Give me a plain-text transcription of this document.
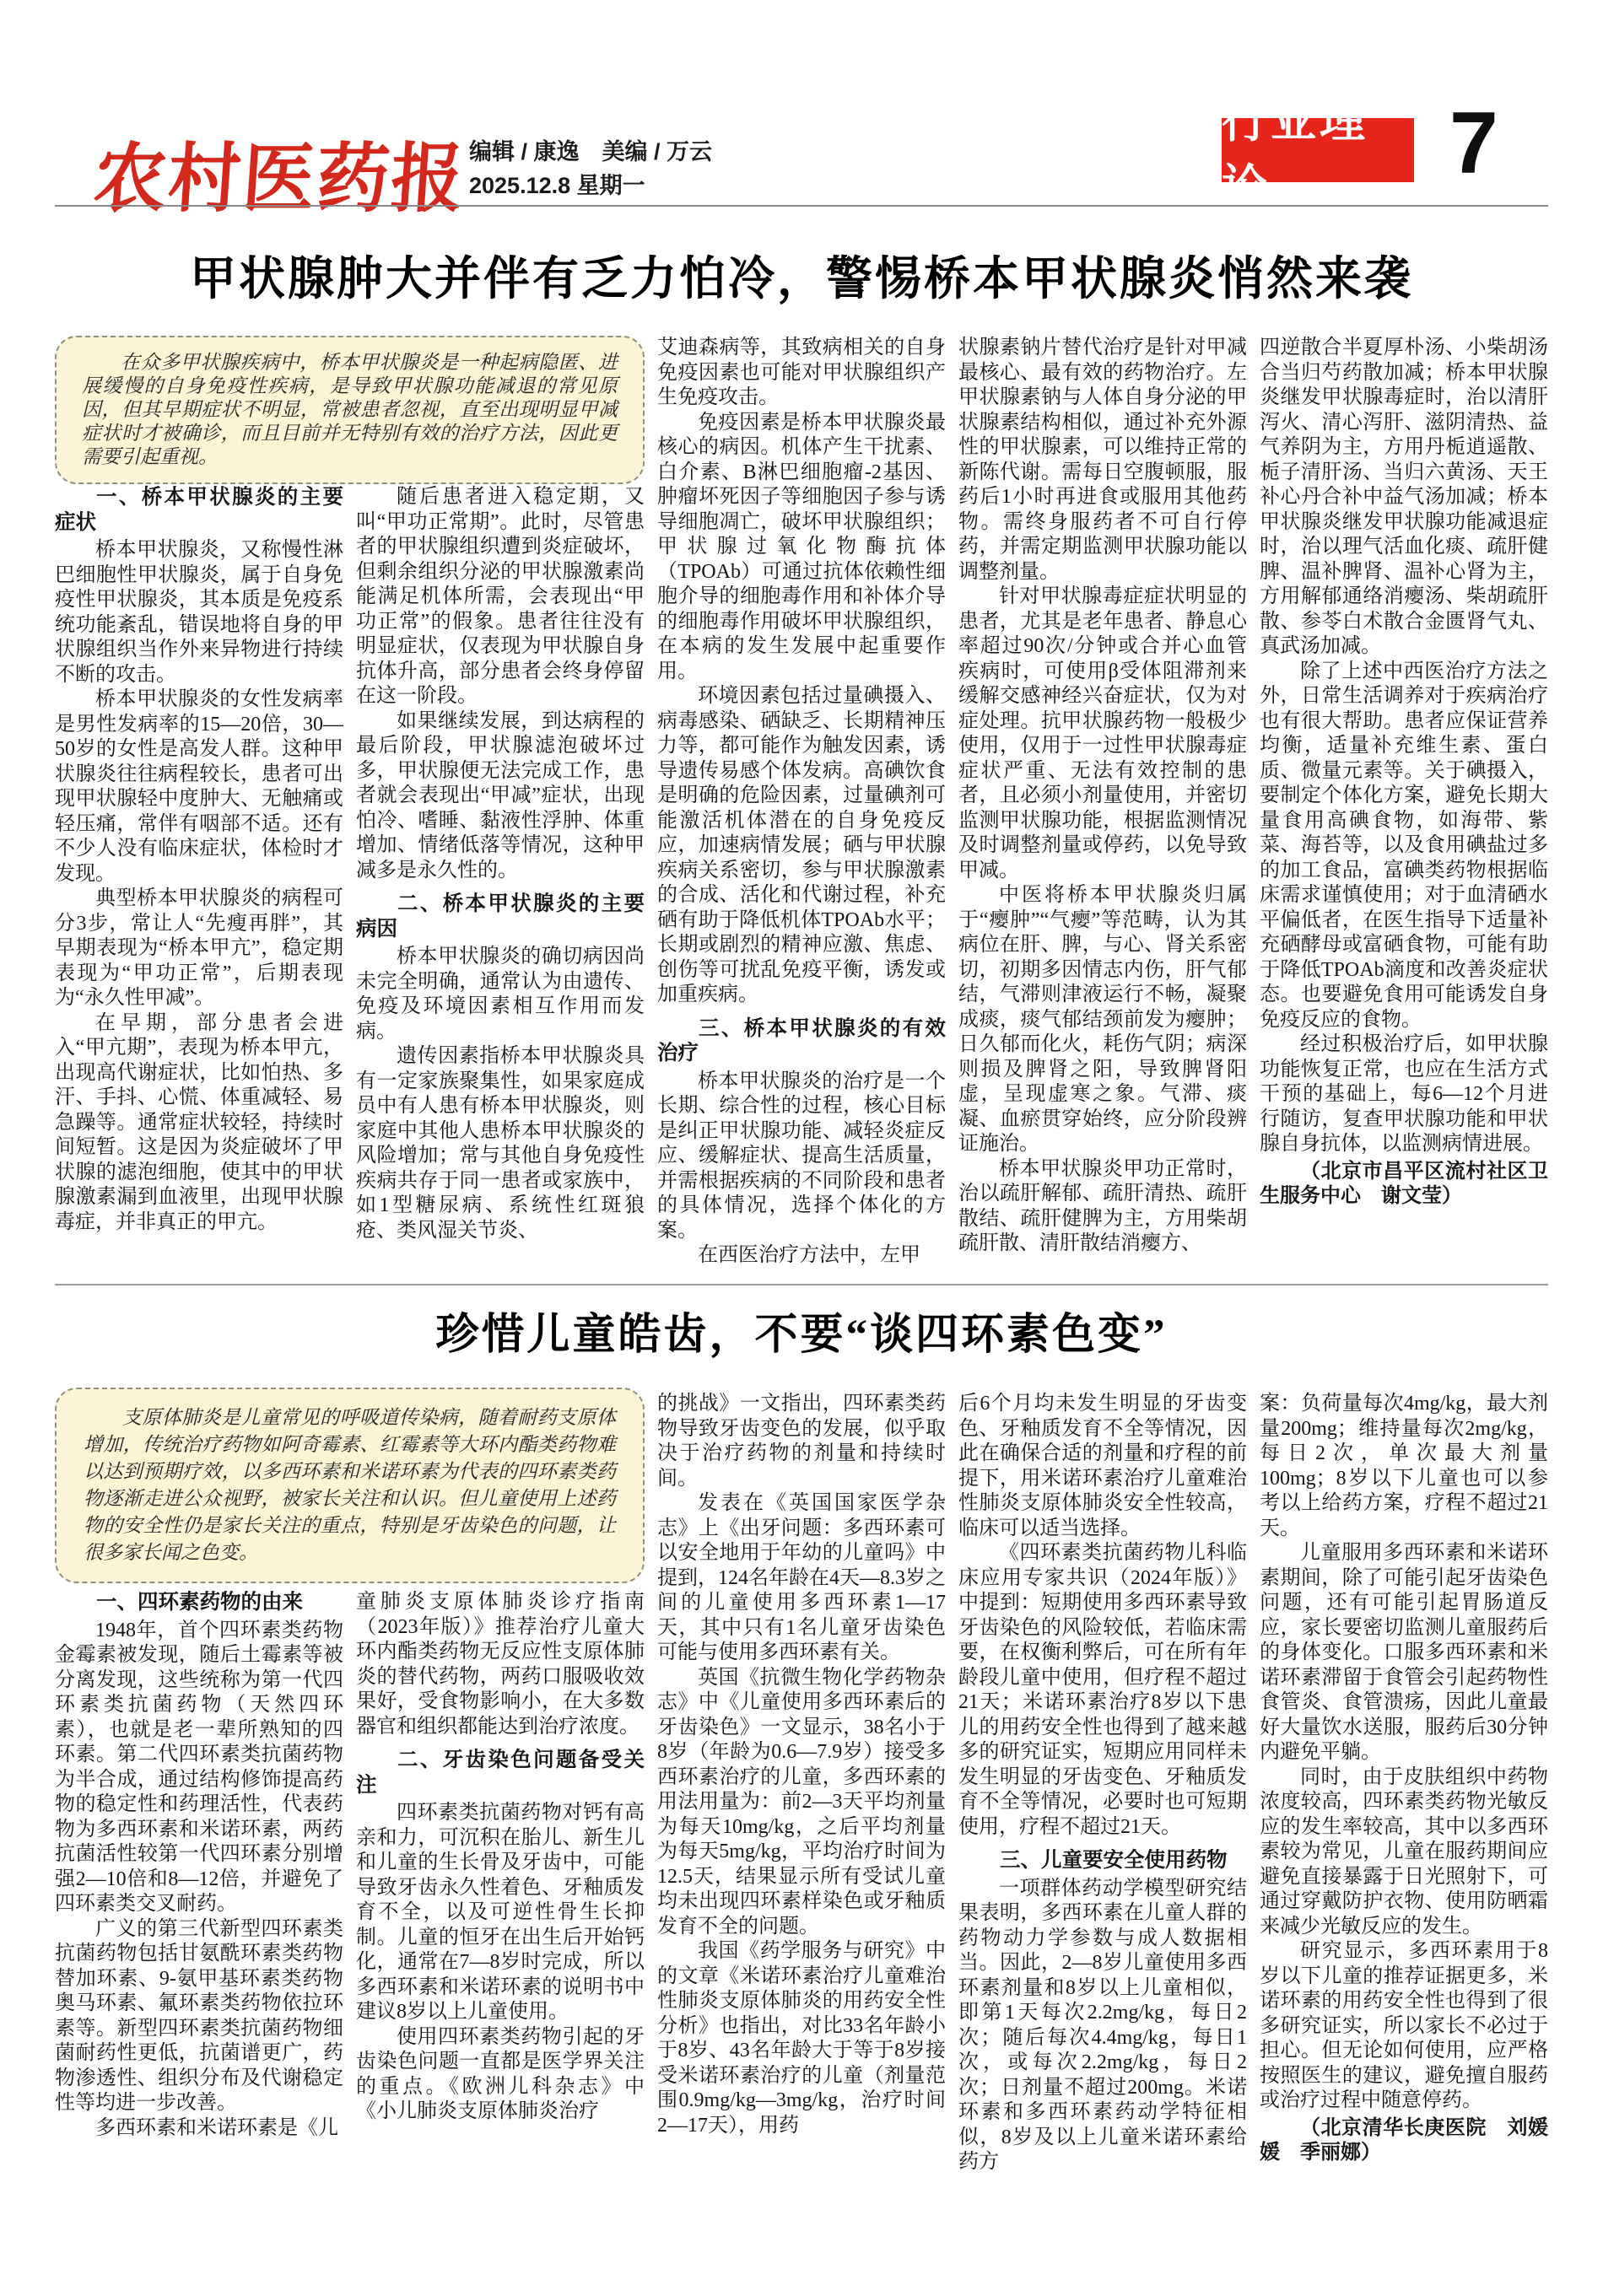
农村医药报 编辑 / 康逸　美编 / 万云
2025.12.8 星期一
行业理论	7
甲状腺肿大并伴有乏力怕冷，警惕桥本甲状腺炎悄然来袭
在众多甲状腺疾病中，桥本甲状腺炎是一种起病隐匿、进展缓慢的自身免疫性疾病，是导致甲状腺功能减退的常见原因，但其早期症状不明显，常被患者忽视，直至出现明显甲减症状时才被确诊，而且目前并无特别有效的治疗方法，因此更需要引起重视。

一、桥本甲状腺炎的主要症状

桥本甲状腺炎，又称慢性淋巴细胞性甲状腺炎，属于自身免疫性甲状腺炎，其本质是免疫系统功能紊乱，错误地将自身的甲状腺组织当作外来异物进行持续不断的攻击。

桥本甲状腺炎的女性发病率是男性发病率的15—20倍，30—50岁的女性是高发人群。这种甲状腺炎往往病程较长，患者可出现甲状腺轻中度肿大、无触痛或轻压痛，常伴有咽部不适。还有不少人没有临床症状，体检时才发现。

典型桥本甲状腺炎的病程可分3步，常让人“先瘦再胖”，其早期表现为“桥本甲亢”，稳定期表现为“甲功正常”，后期表现为“永久性甲减”。

在早期，部分患者会进入“甲亢期”，表现为桥本甲亢，出现高代谢症状，比如怕热、多汗、手抖、心慌、体重减轻、易急躁等。通常症状较轻，持续时间短暂。这是因为炎症破坏了甲状腺的滤泡细胞，使其中的甲状腺激素漏到血液里，出现甲状腺毒症，并非真正的甲亢。

随后患者进入稳定期，又叫“甲功正常期”。此时，尽管患者的甲状腺组织遭到炎症破坏，但剩余组织分泌的甲状腺激素尚能满足机体所需，会表现出“甲功正常”的假象。患者往往没有明显症状，仅表现为甲状腺自身抗体升高，部分患者会终身停留在这一阶段。

如果继续发展，到达病程的最后阶段，甲状腺滤泡破坏过多，甲状腺便无法完成工作，患者就会表现出“甲减”症状，出现怕冷、嗜睡、黏液性浮肿、体重增加、情绪低落等情况，这种甲减多是永久性的。

二、桥本甲状腺炎的主要病因

桥本甲状腺炎的确切病因尚未完全明确，通常认为由遗传、免疫及环境因素相互作用而发病。

遗传因素指桥本甲状腺炎具有一定家族聚集性，如果家庭成员中有人患有桥本甲状腺炎，则家庭中其他人患桥本甲状腺炎的风险增加；常与其他自身免疫性疾病共存于同一患者或家族中，如1型糖尿病、系统性红斑狼疮、类风湿关节炎、

艾迪森病等，其致病相关的自身免疫因素也可能对甲状腺组织产生免疫攻击。

免疫因素是桥本甲状腺炎最核心的病因。机体产生干扰素、白介素、B淋巴细胞瘤-2基因、肿瘤坏死因子等细胞因子参与诱导细胞凋亡，破坏甲状腺组织；甲状腺过氧化物酶抗体（TPOAb）可通过抗体依赖性细胞介导的细胞毒作用和补体介导的细胞毒作用破坏甲状腺组织，在本病的发生发展中起重要作用。

环境因素包括过量碘摄入、病毒感染、硒缺乏、长期精神压力等，都可能作为触发因素，诱导遗传易感个体发病。高碘饮食是明确的危险因素，过量碘剂可能激活机体潜在的自身免疫反应，加速病情发展；硒与甲状腺疾病关系密切，参与甲状腺激素的合成、活化和代谢过程，补充硒有助于降低机体TPOAb水平；长期或剧烈的精神应激、焦虑、创伤等可扰乱免疫平衡，诱发或加重疾病。

三、桥本甲状腺炎的有效治疗

桥本甲状腺炎的治疗是一个长期、综合性的过程，核心目标是纠正甲状腺功能、减轻炎症反应、缓解症状、提高生活质量，并需根据疾病的不同阶段和患者的具体情况，选择个体化的方案。

在西医治疗方法中，左甲

状腺素钠片替代治疗是针对甲减最核心、最有效的药物治疗。左甲状腺素钠与人体自身分泌的甲状腺素结构相似，通过补充外源性的甲状腺素，可以维持正常的新陈代谢。需每日空腹顿服，服药后1小时再进食或服用其他药物。需终身服药者不可自行停药，并需定期监测甲状腺功能以调整剂量。

针对甲状腺毒症症状明显的患者，尤其是老年患者、静息心率超过90次/分钟或合并心血管疾病时，可使用β受体阻滞剂来缓解交感神经兴奋症状，仅为对症处理。抗甲状腺药物一般极少使用，仅用于一过性甲状腺毒症症状严重、无法有效控制的患者，且必须小剂量使用，并密切监测甲状腺功能，根据监测情况及时调整剂量或停药，以免导致甲减。

中医将桥本甲状腺炎归属于“瘿肿”“气瘿”等范畴，认为其病位在肝、脾，与心、肾关系密切，初期多因情志内伤，肝气郁结，气滞则津液运行不畅，凝聚成痰，痰气郁结颈前发为瘿肿；日久郁而化火，耗伤气阴；病深则损及脾肾之阳，导致脾肾阳虚，呈现虚寒之象。气滞、痰凝、血瘀贯穿始终，应分阶段辨证施治。

桥本甲状腺炎甲功正常时，治以疏肝解郁、疏肝清热、疏肝散结、疏肝健脾为主，方用柴胡疏肝散、清肝散结消瘿方、

四逆散合半夏厚朴汤、小柴胡汤合当归芍药散加减；桥本甲状腺炎继发甲状腺毒症时，治以清肝泻火、清心泻肝、滋阴清热、益气养阴为主，方用丹栀逍遥散、栀子清肝汤、当归六黄汤、天王补心丹合补中益气汤加减；桥本甲状腺炎继发甲状腺功能减退症时，治以理气活血化痰、疏肝健脾、温补脾肾、温补心肾为主，方用解郁通络消瘿汤、柴胡疏肝散、参苓白术散合金匮肾气丸、真武汤加减。

除了上述中西医治疗方法之外，日常生活调养对于疾病治疗也有很大帮助。患者应保证营养均衡，适量补充维生素、蛋白质、微量元素等。关于碘摄入，要制定个体化方案，避免长期大量食用高碘食物，如海带、紫菜、海苔等，以及食用碘盐过多的加工食品，富碘类药物根据临床需求谨慎使用；对于血清硒水平偏低者，在医生指导下适量补充硒酵母或富硒食物，可能有助于降低TPOAb滴度和改善炎症状态。也要避免食用可能诱发自身免疫反应的食物。

经过积极治疗后，如甲状腺功能恢复正常，也应在生活方式干预的基础上，每6—12个月进行随访，复查甲状腺功能和甲状腺自身抗体，以监测病情进展。

（北京市昌平区流村社区卫生服务中心　谢文莹）

珍惜儿童皓齿，不要“谈四环素色变”
支原体肺炎是儿童常见的呼吸道传染病，随着耐药支原体增加，传统治疗药物如阿奇霉素、红霉素等大环内酯类药物难以达到预期疗效，以多西环素和米诺环素为代表的四环素类药物逐渐走进公众视野，被家长关注和认识。但儿童使用上述药物的安全性仍是家长关注的重点，特别是牙齿染色的问题，让很多家长闻之色变。

一、四环素药物的由来

1948年，首个四环素类药物金霉素被发现，随后土霉素等被分离发现，这些统称为第一代四环素类抗菌药物（天然四环素），也就是老一辈所熟知的四环素。第二代四环素类抗菌药物为半合成，通过结构修饰提高药物的稳定性和药理活性，代表药物为多西环素和米诺环素，两药抗菌活性较第一代四环素分别增强2—10倍和8—12倍，并避免了四环素类交叉耐药。

广义的第三代新型四环素类抗菌药物包括甘氨酰环素类药物替加环素、9-氨甲基环素类药物奥马环素、氟环素类药物依拉环素等。新型四环素类抗菌药物细菌耐药性更低，抗菌谱更广，药物渗透性、组织分布及代谢稳定性等均进一步改善。

多西环素和米诺环素是《儿

童肺炎支原体肺炎诊疗指南（2023年版）》推荐治疗儿童大环内酯类药物无反应性支原体肺炎的替代药物，两药口服吸收效果好，受食物影响小，在大多数器官和组织都能达到治疗浓度。

二、牙齿染色问题备受关注

四环素类抗菌药物对钙有高亲和力，可沉积在胎儿、新生儿和儿童的生长骨及牙齿中，可能导致牙齿永久性着色、牙釉质发育不全，以及可逆性骨生长抑制。儿童的恒牙在出生后开始钙化，通常在7—8岁时完成，所以多西环素和米诺环素的说明书中建议8岁以上儿童使用。

使用四环素类药物引起的牙齿染色问题一直都是医学界关注的重点。《欧洲儿科杂志》中《小儿肺炎支原体肺炎治疗

的挑战》一文指出，四环素类药物导致牙齿变色的发展，似乎取决于治疗药物的剂量和持续时间。

发表在《英国国家医学杂志》上《出牙问题：多西环素可以安全地用于年幼的儿童吗》中提到，124名年龄在4天—8.3岁之间的儿童使用多西环素1—17天，其中只有1名儿童牙齿染色可能与使用多西环素有关。

英国《抗微生物化学药物杂志》中《儿童使用多西环素后的牙齿染色》一文显示，38名小于8岁（年龄为0.6—7.9岁）接受多西环素治疗的儿童，多西环素的用法用量为：前2—3天平均剂量为每天10mg/kg，之后平均剂量为每天5mg/kg，平均治疗时间为12.5天，结果显示所有受试儿童均未出现四环素样染色或牙釉质发育不全的问题。

我国《药学服务与研究》中的文章《米诺环素治疗儿童难治性肺炎支原体肺炎的用药安全性分析》也指出，对比33名年龄小于8岁、43名年龄大于等于8岁接受米诺环素治疗的儿童（剂量范围0.9mg/kg—3mg/kg，治疗时间2—17天），用药

后6个月均未发生明显的牙齿变色、牙釉质发育不全等情况，因此在确保合适的剂量和疗程的前提下，用米诺环素治疗儿童难治性肺炎支原体肺炎安全性较高，临床可以适当选择。

《四环素类抗菌药物儿科临床应用专家共识（2024年版）》中提到：短期使用多西环素导致牙齿染色的风险较低，若临床需要，在权衡利弊后，可在所有年龄段儿童中使用，但疗程不超过21天；米诺环素治疗8岁以下患儿的用药安全性也得到了越来越多的研究证实，短期应用同样未发生明显的牙齿变色、牙釉质发育不全等情况，必要时也可短期使用，疗程不超过21天。

三、儿童要安全使用药物

一项群体药动学模型研究结果表明，多西环素在儿童人群的药物动力学参数与成人数据相当。因此，2—8岁儿童使用多西环素剂量和8岁以上儿童相似，即第1天每次2.2mg/kg，每日2次；随后每次4.4mg/kg，每日1次，或每次2.2mg/kg，每日2次；日剂量不超过200mg。米诺环素和多西环素药动学特征相似，8岁及以上儿童米诺环素给药方

案：负荷量每次4mg/kg，最大剂量200mg；维持量每次2mg/kg，每日2次，单次最大剂量100mg；8岁以下儿童也可以参考以上给药方案，疗程不超过21天。

儿童服用多西环素和米诺环素期间，除了可能引起牙齿染色问题，还有可能引起胃肠道反应，家长要密切监测儿童服药后的身体变化。口服多西环素和米诺环素滞留于食管会引起药物性食管炎、食管溃疡，因此儿童最好大量饮水送服，服药后30分钟内避免平躺。

同时，由于皮肤组织中药物浓度较高，四环素类药物光敏反应的发生率较高，其中以多西环素较为常见，儿童在服药期间应避免直接暴露于日光照射下，可通过穿戴防护衣物、使用防晒霜来减少光敏反应的发生。

研究显示，多西环素用于8岁以下儿童的推荐证据更多，米诺环素的用药安全性也得到了很多研究证实，所以家长不必过于担心。但无论如何使用，应严格按照医生的建议，避免擅自服药或治疗过程中随意停药。

（北京清华长庚医院　刘媛媛　季丽娜）
